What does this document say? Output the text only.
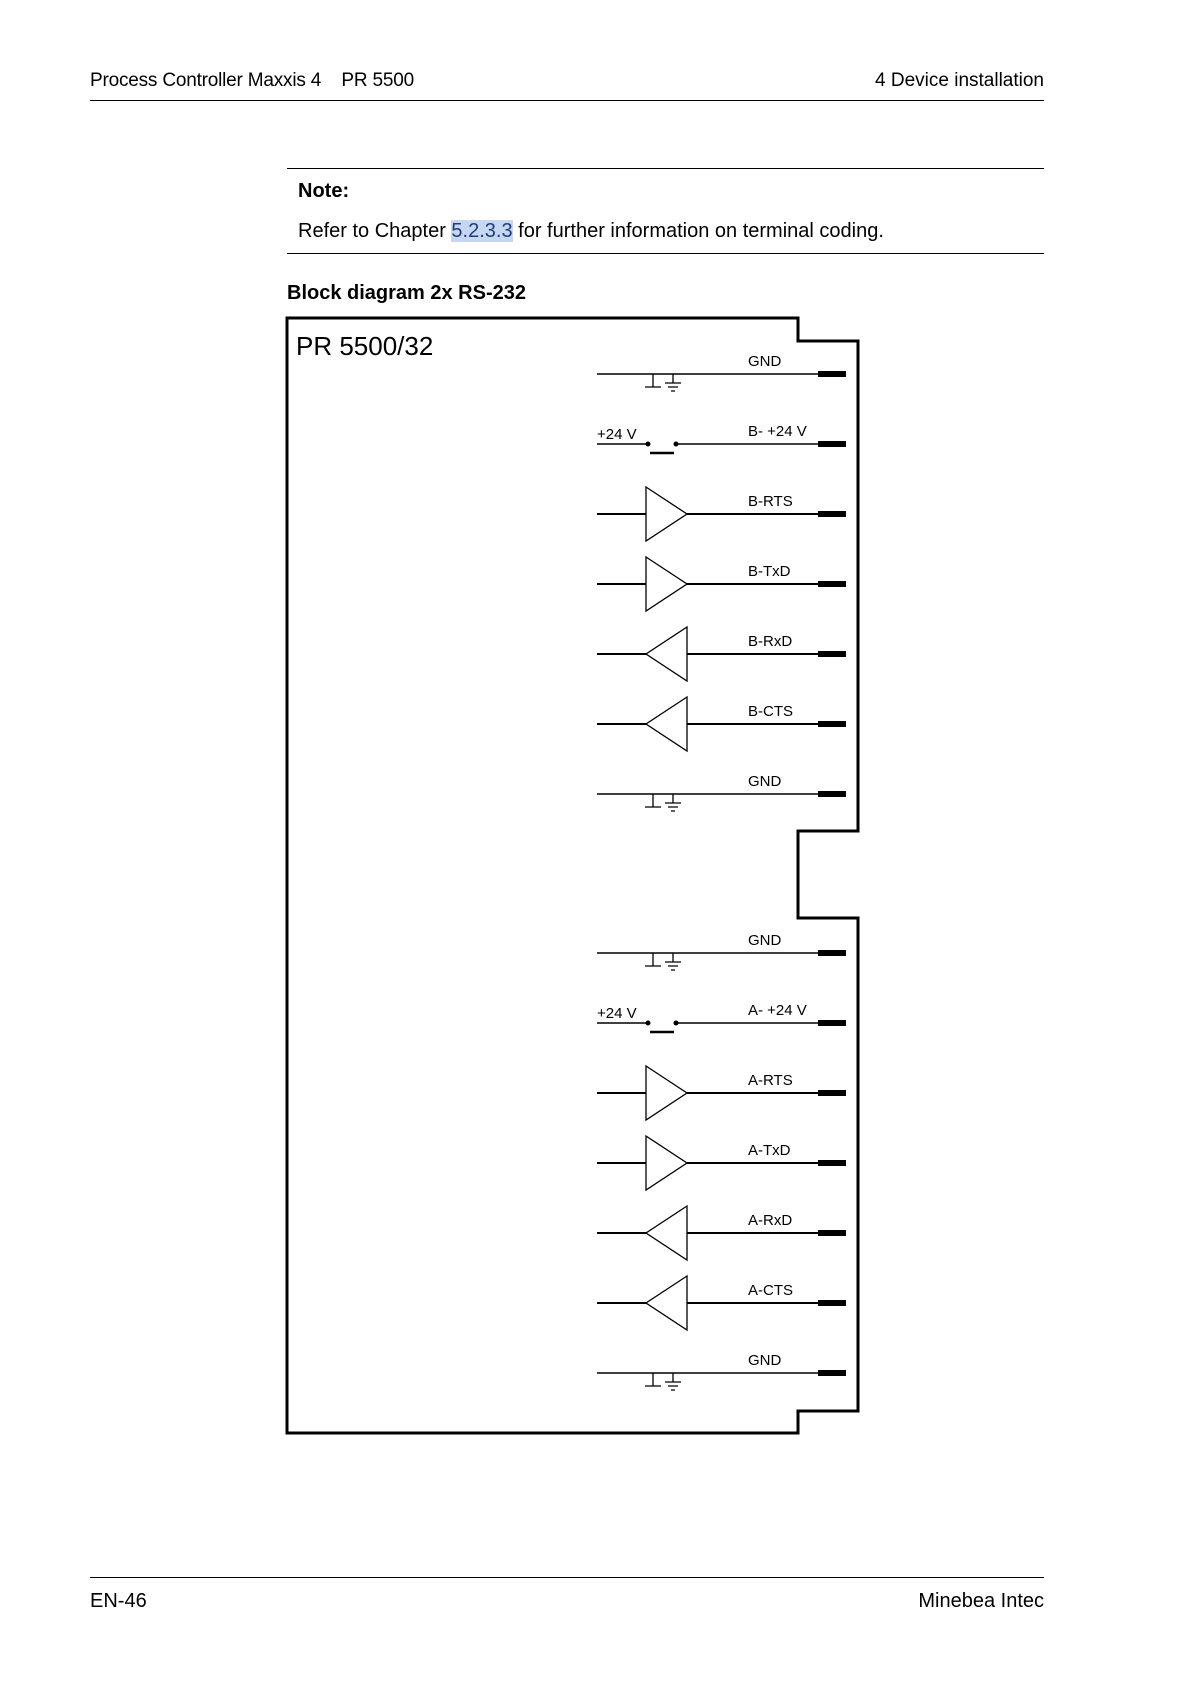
Process Controller Maxxis 4    PR 5500	4 Device installation
Note:
Refer to Chapter 5.2.3.3 for further information on terminal coding.
Block diagram 2x RS-232
PR 5500/32
GND
+24 V	B- +24 V
B-RTS
B-TxD
B-RxD
B-CTS
GND
GND
+24 V	A- +24 V
A-RTS
A-TxD
A-RxD
A-CTS
GND
EN-46	Minebea Intec
